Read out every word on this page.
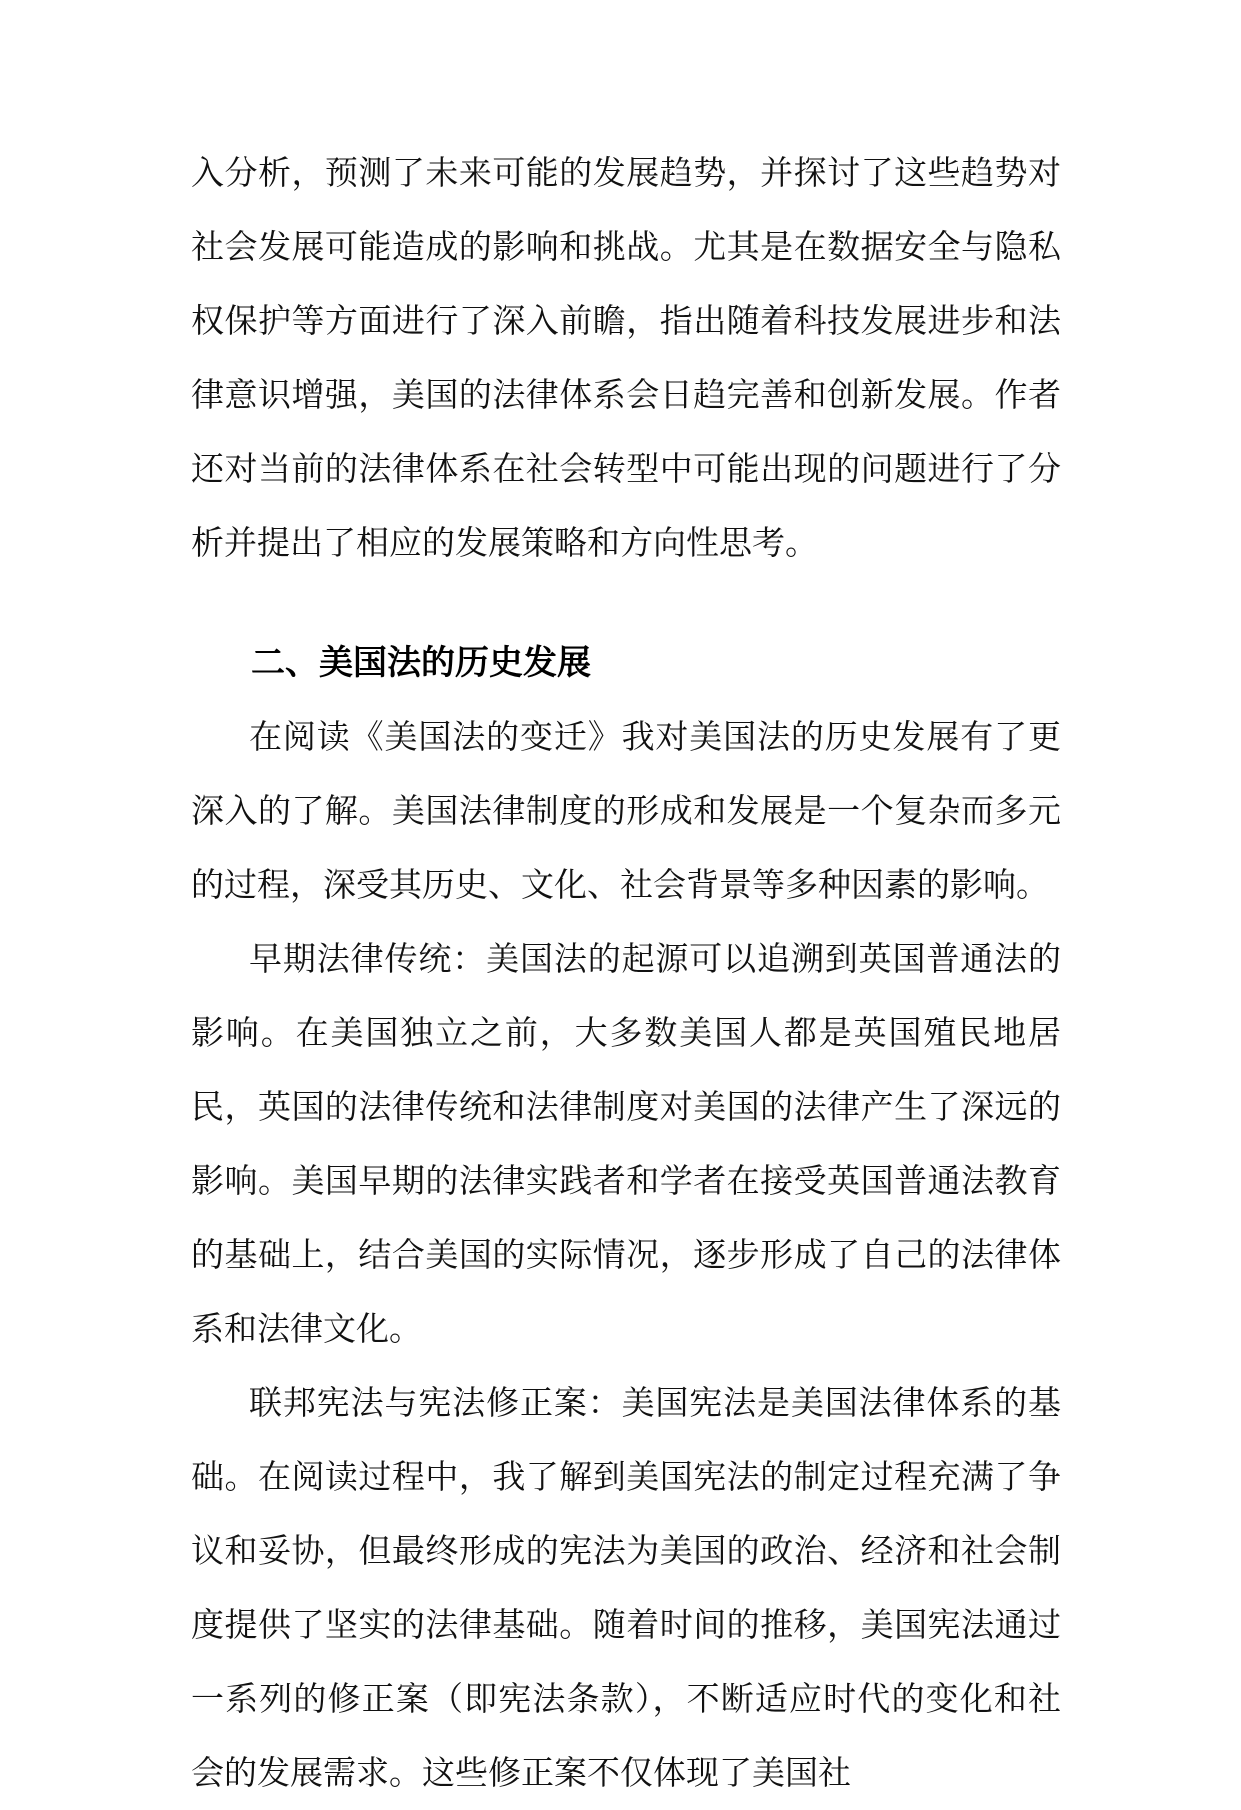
入分析，预测了未来可能的发展趋势，并探讨了这些趋势对社会发展可能造成的影响和挑战。尤其是在数据安全与隐私权保护等方面进行了深入前瞻，指出随着科技发展进步和法律意识增强，美国的法律体系会日趋完善和创新发展。作者还对当前的法律体系在社会转型中可能出现的问题进行了分析并提出了相应的发展策略和方向性思考。

二、美国法的历史发展

在阅读《美国法的变迁》我对美国法的历史发展有了更深入的了解。美国法律制度的形成和发展是一个复杂而多元的过程，深受其历史、文化、社会背景等多种因素的影响。

早期法律传统：美国法的起源可以追溯到英国普通法的影响。在美国独立之前，大多数美国人都是英国殖民地居民，英国的法律传统和法律制度对美国的法律产生了深远的影响。美国早期的法律实践者和学者在接受英国普通法教育的基础上，结合美国的实际情况，逐步形成了自己的法律体系和法律文化。

联邦宪法与宪法修正案：美国宪法是美国法律体系的基础。在阅读过程中，我了解到美国宪法的制定过程充满了争议和妥协，但最终形成的宪法为美国的政治、经济和社会制度提供了坚实的法律基础。随着时间的推移，美国宪法通过一系列的修正案（即宪法条款），不断适应时代的变化和社会的发展需求。这些修正案不仅体现了美国社
